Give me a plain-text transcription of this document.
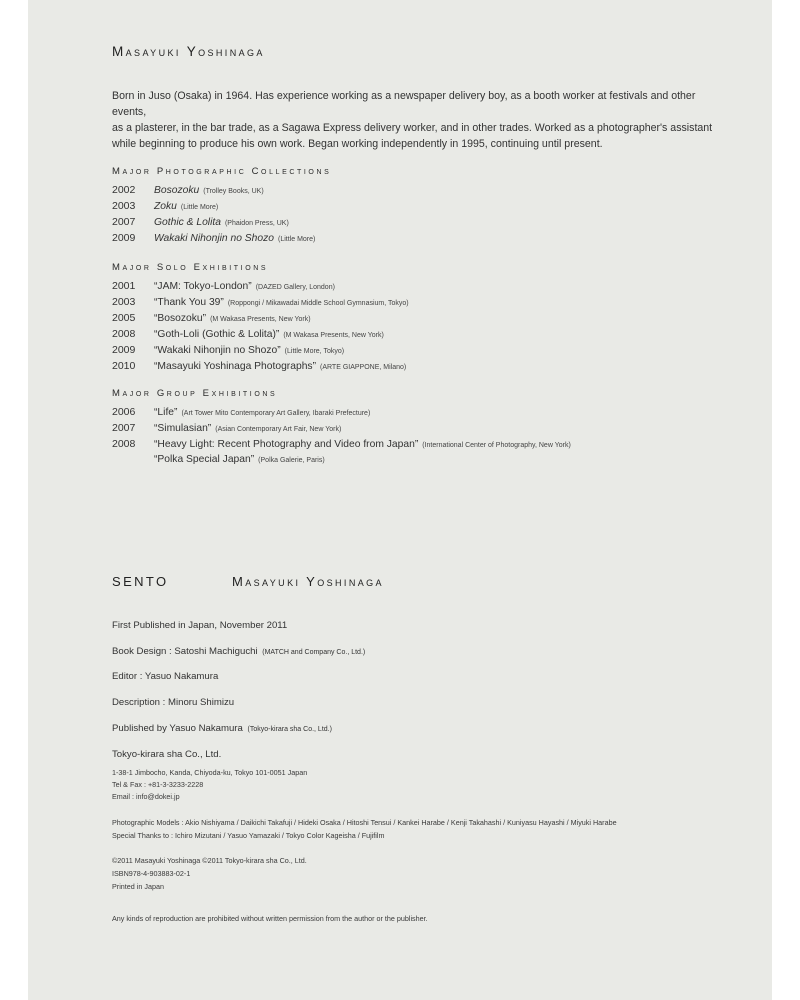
Masayuki Yoshinaga
Born in Juso (Osaka) in 1964. Has experience working as a newspaper delivery boy, as a booth worker at festivals and other events,
as a plasterer, in the bar trade, as a Sagawa Express delivery worker, and in other trades. Worked as a photographer's assistant
while beginning to produce his own work. Began working independently in 1995, continuing until present.
Major Photographic Collections
2002	Bosozoku (Trolley Books, UK)
2003	Zoku (Little More)
2007	Gothic & Lolita (Phaidon Press, UK)
2009	Wakaki Nihonjin no Shozo (Little More)
Major Solo Exhibitions
2001	“JAM: Tokyo-London” (DAZED Gallery, London)
2003	“Thank You 39” (Roppongi / Mikawadai Middle School Gymnasium, Tokyo)
2005	“Bosozoku” (M Wakasa Presents, New York)
2008	“Goth-Loli (Gothic & Lolita)” (M Wakasa Presents, New York)
2009	“Wakaki Nihonjin no Shozo” (Little More, Tokyo)
2010	“Masayuki Yoshinaga Photographs” (ARTE GIAPPONE, Milano)
Major Group Exhibitions
2006	“Life” (Art Tower Mito Contemporary Art Gallery, Ibaraki Prefecture)
2007	“Simulasian” (Asian Contemporary Art Fair, New York)
2008	“Heavy Light: Recent Photography and Video from Japan” (International Center of Photography, New York)
“Polka Special Japan” (Polka Galerie, Paris)
SENTO	Masayuki Yoshinaga
First Published in Japan, November 2011
Book Design : Satoshi Machiguchi (MATCH and Company Co., Ltd.)
Editor : Yasuo Nakamura
Description : Minoru Shimizu
Published by Yasuo Nakamura (Tokyo-kirara sha Co., Ltd.)
Tokyo-kirara sha Co., Ltd.
1-38-1 Jimbocho, Kanda, Chiyoda-ku, Tokyo 101-0051 Japan
Tel & Fax : +81-3-3233-2228
Email : info@dokei.jp
Photographic Models : Akio Nishiyama / Daikichi Takafuji / Hideki Osaka / Hitoshi Tensui / Kankei Harabe / Kenji Takahashi / Kuniyasu Hayashi / Miyuki Harabe
Special Thanks to : Ichiro Mizutani / Yasuo Yamazaki / Tokyo Color Kageisha / Fujifilm
©2011 Masayuki Yoshinaga ©2011 Tokyo-kirara sha Co., Ltd.
ISBN978-4-903883-02-1
Printed in Japan
Any kinds of reproduction are prohibited without written permission from the author or the publisher.
